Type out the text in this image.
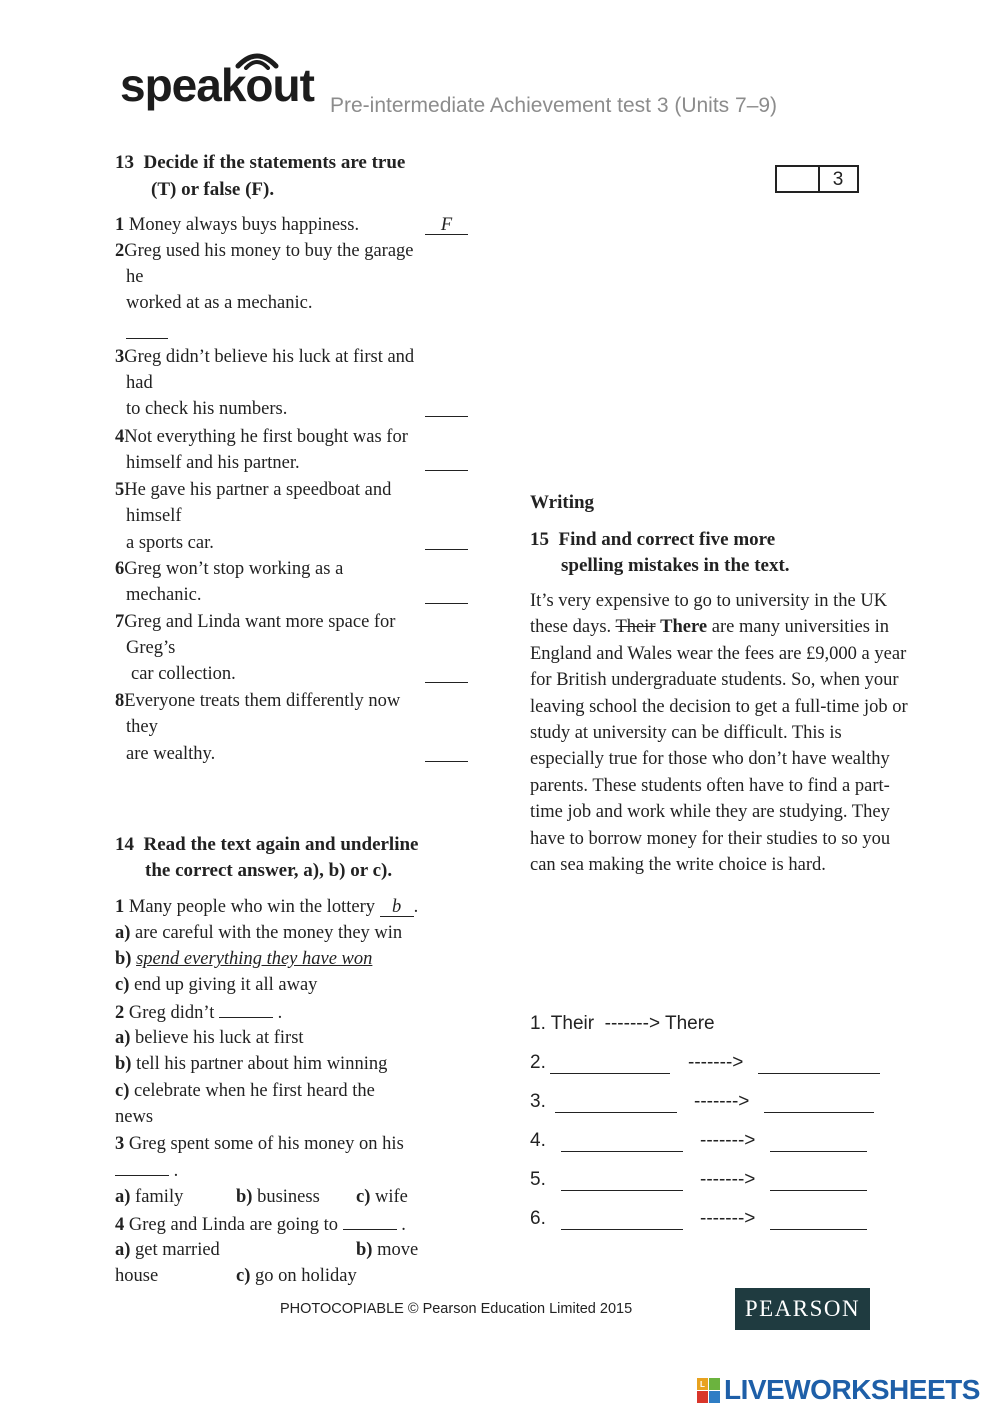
speakout Pre-intermediate Achievement test 3 (Units 7–9)
3
13 Decide if the statements are true
(T) or false (F).
1 Money always buys happiness.	F
2Greg used his money to buy the garage
he
worked at as a mechanic.
3Greg didn’t believe his luck at first and
had
to check his numbers.
4Not everything he first bought was for
himself and his partner.
5He gave his partner a speedboat and
himself
a sports car.
6Greg won’t stop working as a
mechanic.
7Greg and Linda want more space for
Greg’s
car collection.
8Everyone treats them differently now
they
are wealthy.
14 Read the text again and underline
the correct answer, a), b) or c).
1 Many people who win the lottery b .
a) are careful with the money they win
b) spend everything they have won
c) end up giving it all away
2 Greg didn’t	.
a) believe his luck at first
b) tell his partner about him winning
c) celebrate when he first heard the
news
3 Greg spent some of his money on his
.
a) family	b) business c) wife
4 Greg and Linda are going to	.
a) get married	b) move
house	c) go on holiday
Writing
15 Find and correct five more
spelling mistakes in the text.
It’s very expensive to go to university in the UK these days. Their There are many universities in England and Wales wear the fees are £9,000 a year for British undergraduate students. So, when your leaving school the decision to get a full-time job or study at university can be difficult. This is especially true for those who don’t have wealthy parents. These students often have to find a part-time job and work while they are studying. They have to borrow money for their studies to so you can sea making the write choice is hard.
1. Their -------> There
2.	------->
3.	------->
4.	------->
5.	------->
6.	------->
PHOTOCOPIABLE © Pearson Education Limited 2015	PEARSON
L LIVEWORKSHEETS
